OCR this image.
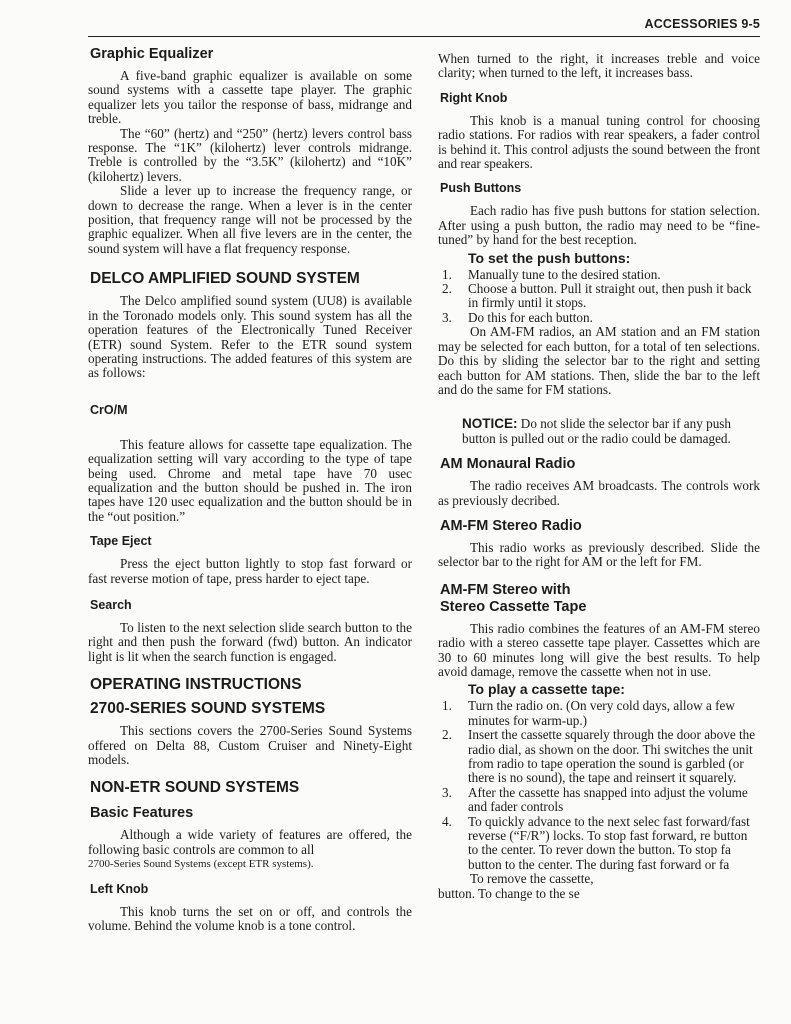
ACCESSORIES 9-5
Graphic Equalizer

A five-band graphic equalizer is available on some sound systems with a cassette tape player. The graphic equalizer lets you tailor the response of bass, midrange and treble.

The “60” (hertz) and “250” (hertz) levers control bass response. The “1K” (kilohertz) lever controls midrange. Treble is controlled by the “3.5K” (kilohertz) and “10K” (kilohertz) levers.

Slide a lever up to increase the frequency range, or down to decrease the range. When a lever is in the center position, that frequency range will not be processed by the graphic equalizer. When all five levers are in the center, the sound system will have a flat frequency response.

DELCO AMPLIFIED SOUND SYSTEM

The Delco amplified sound system (UU8) is available in the Toronado models only. This sound system has all the operation features of the Electronically Tuned Receiver (ETR) sound System. Refer to the ETR sound system operating instructions. The added features of this system are as follows:

CrO/M

This feature allows for cassette tape equalization. The equalization setting will vary according to the type of tape being used. Chrome and metal tape have 70 usec equalization and the button should be pushed in. The iron tapes have 120 usec equalization and the button should be in the “out position.”

Tape Eject

Press the eject button lightly to stop fast forward or fast reverse motion of tape, press harder to eject tape.

Search

To listen to the next selection slide search button to the right and then push the forward (fwd) button. An indicator light is lit when the search function is engaged.

OPERATING INSTRUCTIONS
2700-SERIES SOUND SYSTEMS

This sections covers the 2700-Series Sound Systems offered on Delta 88, Custom Cruiser and Ninety-Eight models.

NON-ETR SOUND SYSTEMS
Basic Features

Although a wide variety of features are offered, the following basic controls are common to all

2700-Series Sound Systems (except ETR systems).

Left Knob

This knob turns the set on or off, and controls the volume. Behind the volume knob is a tone control.

When turned to the right, it increases treble and voice clarity; when turned to the left, it increases bass.

Right Knob

This knob is a manual tuning control for choosing radio stations. For radios with rear speakers, a fader control is behind it. This control adjusts the sound between the front and rear speakers.

Push Buttons

Each radio has five push buttons for station selection. After using a push button, the radio may need to be “fine-tuned” by hand for the best reception.

To set the push buttons:
1. Manually tune to the desired station.
2. Choose a button. Pull it straight out, then push it back in firmly until it stops.
3. Do this for each button.

On AM-FM radios, an AM station and an FM station may be selected for each button, for a total of ten selections. Do this by sliding the selector bar to the right and setting each button for AM stations. Then, slide the bar to the left and do the same for FM stations.

NOTICE: Do not slide the selector bar if any push button is pulled out or the radio could be damaged.
AM Monaural Radio

The radio receives AM broadcasts. The controls work as previously decribed.

AM-FM Stereo Radio

This radio works as previously described. Slide the selector bar to the right for AM or the left for FM.

AM-FM Stereo with Stereo Cassette Tape

This radio combines the features of an AM-FM stereo radio with a stereo cassette tape player. Cassettes which are 30 to 60 minutes long will give the best results. To help avoid damage, remove the cassette when not in use.

To play a cassette tape:
1. Turn the radio on. (On very cold days, allow a few minutes for warm-up.)
2. Insert the cassette squarely through the door above the radio dial, as shown on the door. Thi switches the unit from radio to tape operation the sound is garbled (or there is no sound), the tape and reinsert it squarely.
3. After the cassette has snapped into adjust the volume and fader controls
4. To quickly advance to the next selec fast forward/fast reverse (“F/R”) locks. To stop fast forward, re button to the center. To rever down the button. To stop fa button to the center. The during fast forward or fa

To remove the cassette,

button. To change to the se
